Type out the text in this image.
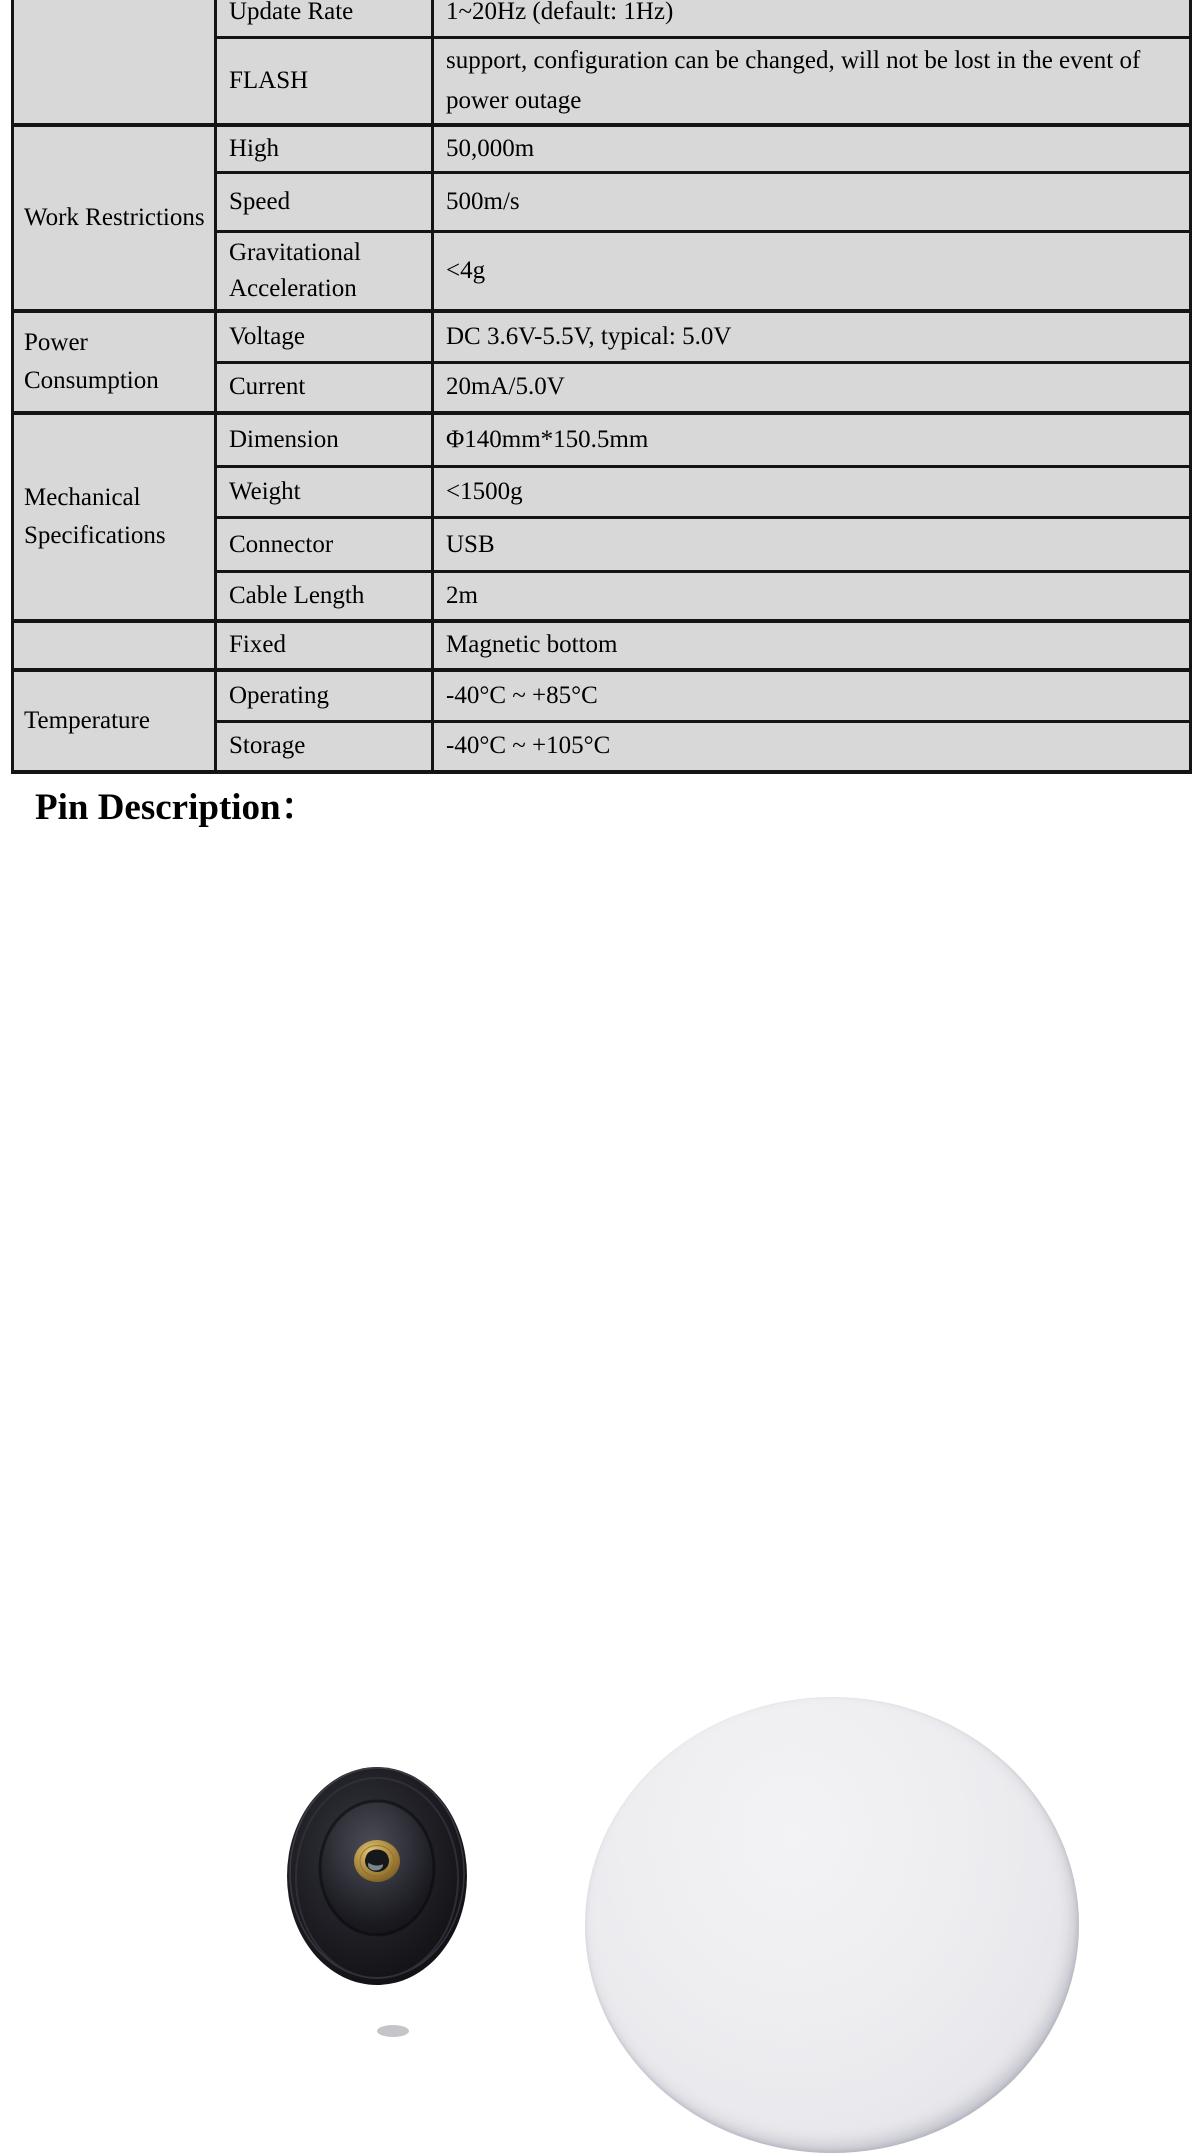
	Update Rate	1~20Hz (default: 1Hz)
	FLASH	support, configuration can be changed, will not be lost in the event of power outage
Work Restrictions	High	50,000m
	Speed	500m/s
	Gravitational Acceleration	<4g
Power Consumption	Voltage	DC 3.6V-5.5V, typical: 5.0V
	Current	20mA/5.0V
Mechanical Specifications	Dimension	Φ140mm*150.5mm
	Weight	<1500g
	Connector	USB
	Cable Length	2m
	Fixed	Magnetic bottom
Temperature	Operating	-40°C ~ +85°C
	Storage	-40°C ~ +105°C
Pin Description：
